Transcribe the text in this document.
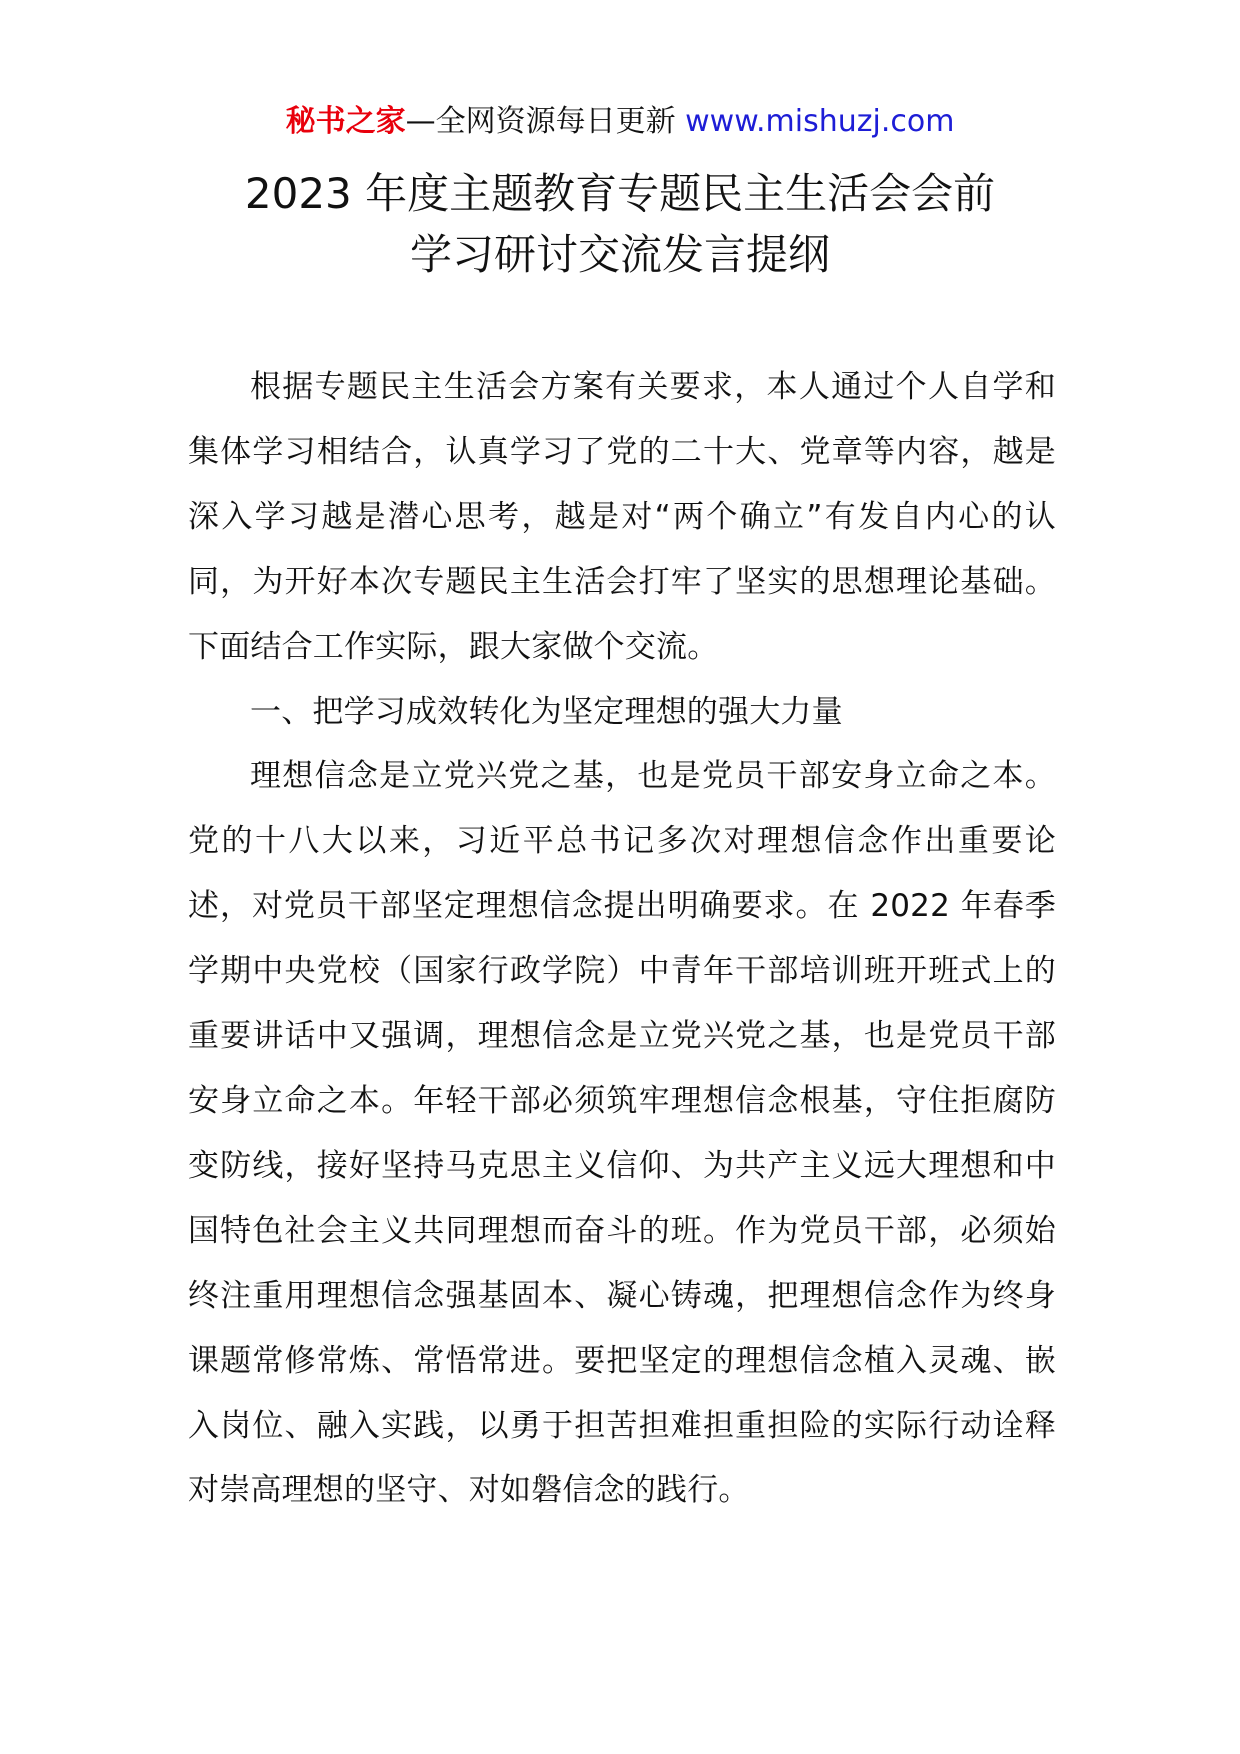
秘书之家—全网资源每日更新 www.mishuzj.com
2023 年度主题教育专题民主生活会会前
学习研讨交流发言提纲

根据专题民主生活会方案有关要求，本人通过个人自学和集体学习相结合，认真学习了党的二十大、党章等内容，越是深入学习越是潜心思考，越是对“两个确立”有发自内心的认同，为开好本次专题民主生活会打牢了坚实的思想理论基础。下面结合工作实际，跟大家做个交流。

一、把学习成效转化为坚定理想的强大力量

理想信念是立党兴党之基，也是党员干部安身立命之本。党的十八大以来，习近平总书记多次对理想信念作出重要论述，对党员干部坚定理想信念提出明确要求。在 2022 年春季学期中央党校（国家行政学院）中青年干部培训班开班式上的重要讲话中又强调，理想信念是立党兴党之基，也是党员干部安身立命之本。年轻干部必须筑牢理想信念根基，守住拒腐防变防线，接好坚持马克思主义信仰、为共产主义远大理想和中国特色社会主义共同理想而奋斗的班。作为党员干部，必须始终注重用理想信念强基固本、凝心铸魂，把理想信念作为终身课题常修常炼、常悟常进。要把坚定的理想信念植入灵魂、嵌入岗位、融入实践，以勇于担苦担难担重担险的实际行动诠释对崇高理想的坚守、对如磐信念的践行。
